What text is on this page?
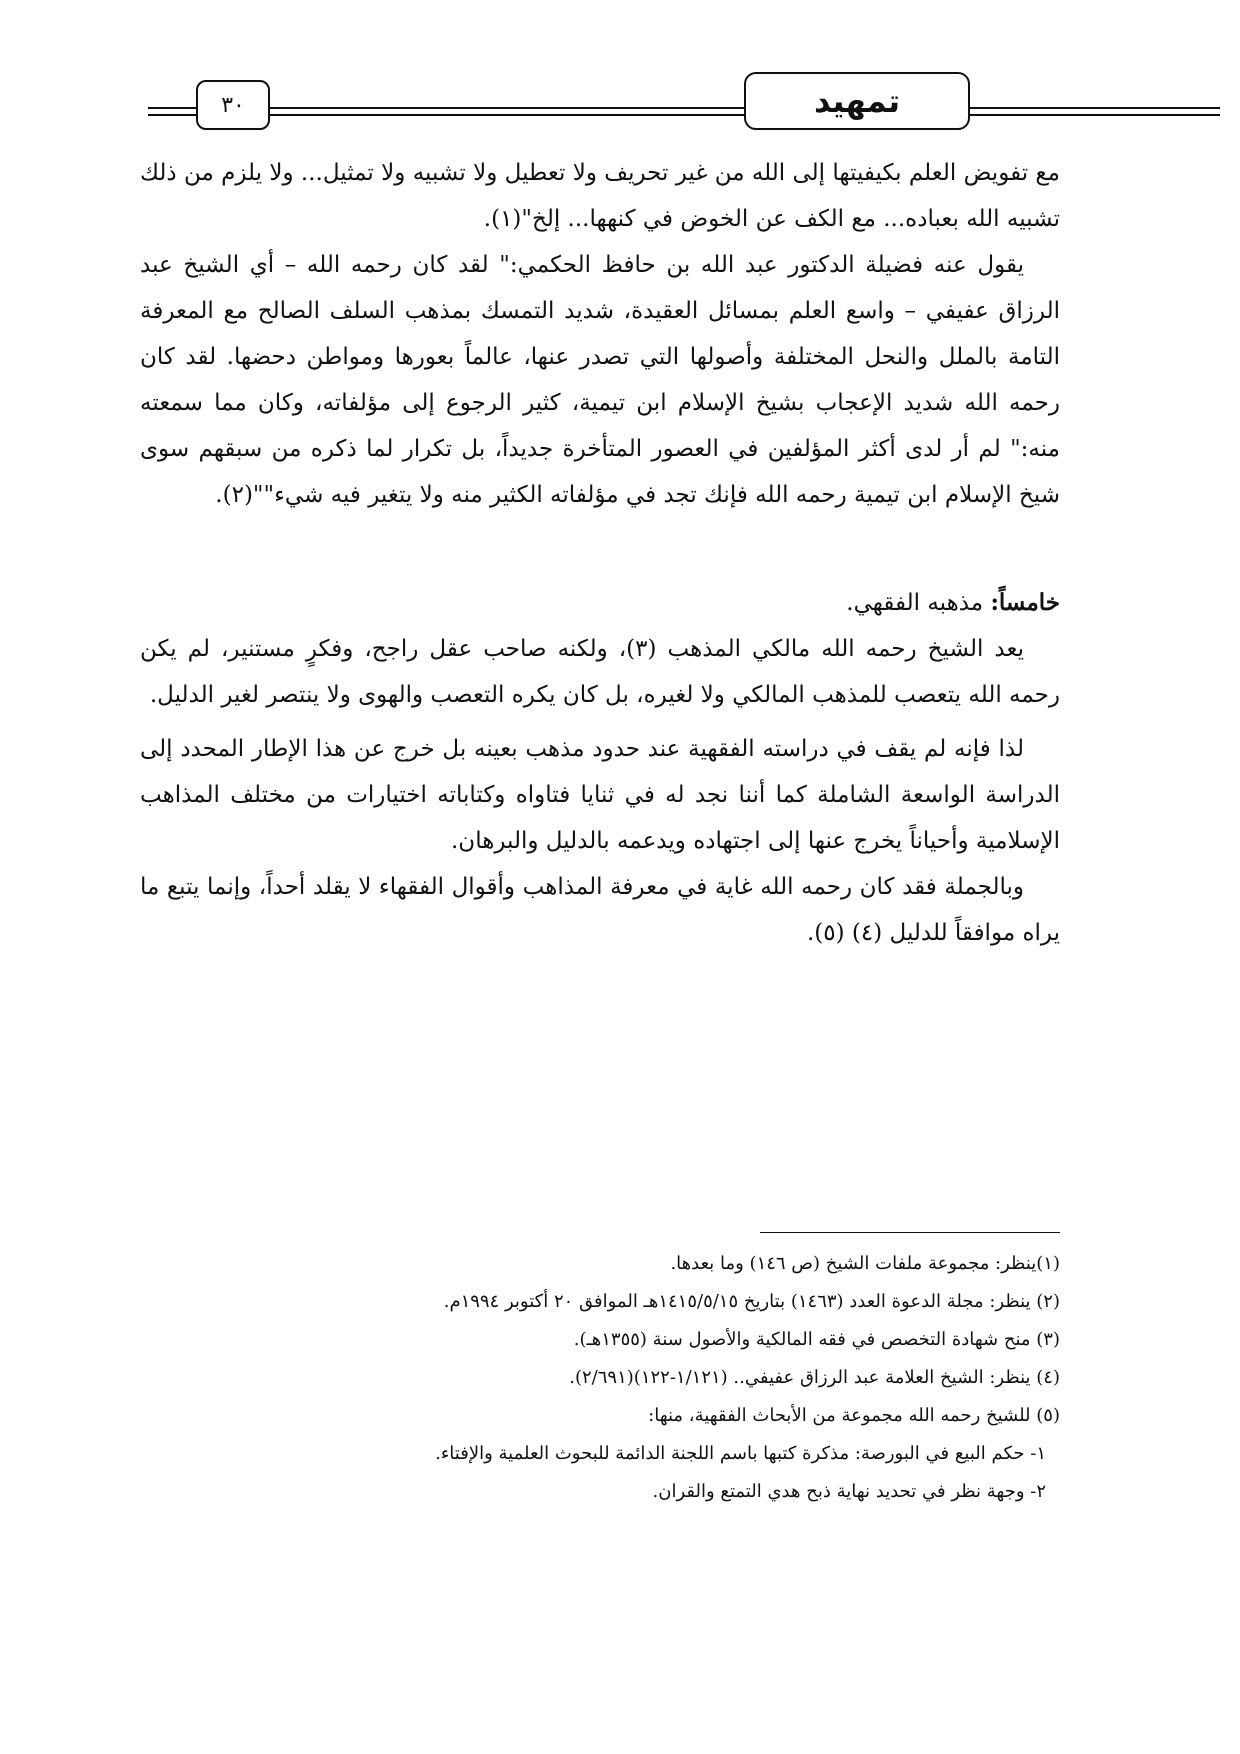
تمهيد
٣٠

مع تفويض العلم بكيفيتها إلى الله من غير تحريف ولا تعطيل ولا تشبيه ولا تمثيل... ولا يلزم من ذلك تشبيه الله بعباده... مع الكف عن الخوض في كنهها... إلخ"(١).

يقول عنه فضيلة الدكتور عبد الله بن حافظ الحكمي:" لقد كان رحمه الله – أي الشيخ عبد الرزاق عفيفي – واسع العلم بمسائل العقيدة، شديد التمسك بمذهب السلف الصالح مع المعرفة التامة بالملل والنحل المختلفة وأصولها التي تصدر عنها، عالماً بعورها ومواطن دحضها. لقد كان رحمه الله شديد الإعجاب بشيخ الإسلام ابن تيمية، كثير الرجوع إلى مؤلفاته، وكان مما سمعته منه:" لم أر لدى أكثر المؤلفين في العصور المتأخرة جديداً، بل تكرار لما ذكره من سبقهم سوى شيخ الإسلام ابن تيمية رحمه الله فإنك تجد في مؤلفاته الكثير منه ولا يتغير فيه شيء""(٢).

خامساً: مذهبه الفقهي.

يعد الشيخ رحمه الله مالكي المذهب (٣)، ولكنه صاحب عقل راجح، وفكرٍ مستنير، لم يكن رحمه الله يتعصب للمذهب المالكي ولا لغيره، بل كان يكره التعصب والهوى ولا ينتصر لغير الدليل.

لذا فإنه لم يقف في دراسته الفقهية عند حدود مذهب بعينه بل خرج عن هذا الإطار المحدد إلى الدراسة الواسعة الشاملة كما أننا نجد له في ثنايا فتاواه وكتاباته اختيارات من مختلف المذاهب الإسلامية وأحياناً يخرج عنها إلى اجتهاده ويدعمه بالدليل والبرهان.

وبالجملة فقد كان رحمه الله غاية في معرفة المذاهب وأقوال الفقهاء لا يقلد أحداً، وإنما يتبع ما يراه موافقاً للدليل (٤) (٥).

(١)ينظر: مجموعة ملفات الشيخ (ص ١٤٦) وما بعدها.

(٢) ينظر: مجلة الدعوة العدد (١٤٦٣) بتاريخ ١٤١٥/٥/١٥هـ الموافق ٢٠ أكتوبر ١٩٩٤م.

(٣) منح شهادة التخصص في فقه المالكية والأصول سنة (١٣٥٥هـ).

(٤) ينظر: الشيخ العلامة عبد الرزاق عفيفي.. (١/١٢١-١٢٢)(٢/٦٩١).

(٥) للشيخ رحمه الله مجموعة من الأبحاث الفقهية، منها:

١- حكم البيع في البورصة: مذكرة كتبها باسم اللجنة الدائمة للبحوث العلمية والإفتاء.

٢- وجهة نظر في تحديد نهاية ذبح هدي التمتع والقران.
